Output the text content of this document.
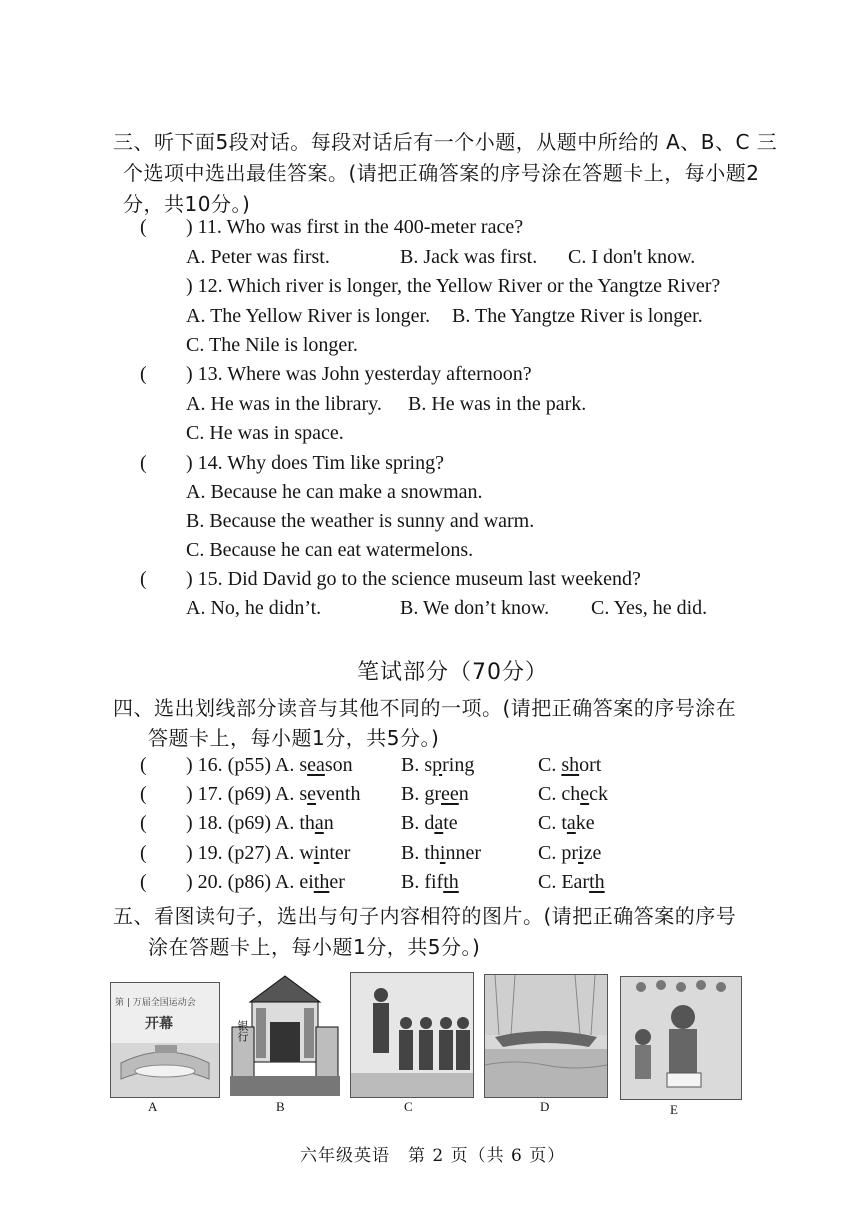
三、听下面5段对话。每段对话后有一个小题，从题中所给的 A、B、C 三
个选项中选出最佳答案。(请把正确答案的序号涂在答题卡上，每小题2
分，共10分。)
( ) 11. Who was first in the 400-meter race?
A. Peter was first.	B. Jack was first. C. I don't know.
) 12. Which river is longer, the Yellow River or the Yangtze River?
A. The Yellow River is longer. B. The Yangtze River is longer.
C. The Nile is longer.
( ) 13. Where was John yesterday afternoon?
A. He was in the library. B. He was in the park.
C. He was in space.
( ) 14. Why does Tim like spring?
A. Because he can make a snowman.
B. Because the weather is sunny and warm.
C. Because he can eat watermelons.
( ) 15. Did David go to the science museum last weekend?
A. No, he didn’t.	B. We don’t know. C. Yes, he did.
笔试部分（70分）
四、选出划线部分读音与其他不同的一项。(请把正确答案的序号涂在
答题卡上，每小题1分，共5分。)
( ) 16. (p55) A. season B. spring	C. short
( ) 17. (p69) A. seventh B. green	C. check
( ) 18. (p69) A. than	B. date	C. take
( ) 19. (p27) A. winter	B. thinner	C. prize
( ) 20. (p86) A. either	B. fifth	C. Earth
五、看图读句子，选出与句子内容相符的图片。(请把正确答案的序号
涂在答题卡上，每小题1分，共5分。)
第 | 万届全国运动会
开幕
A
银行
B	C	D	E
六年级英语　第 2 页（共 6 页）
